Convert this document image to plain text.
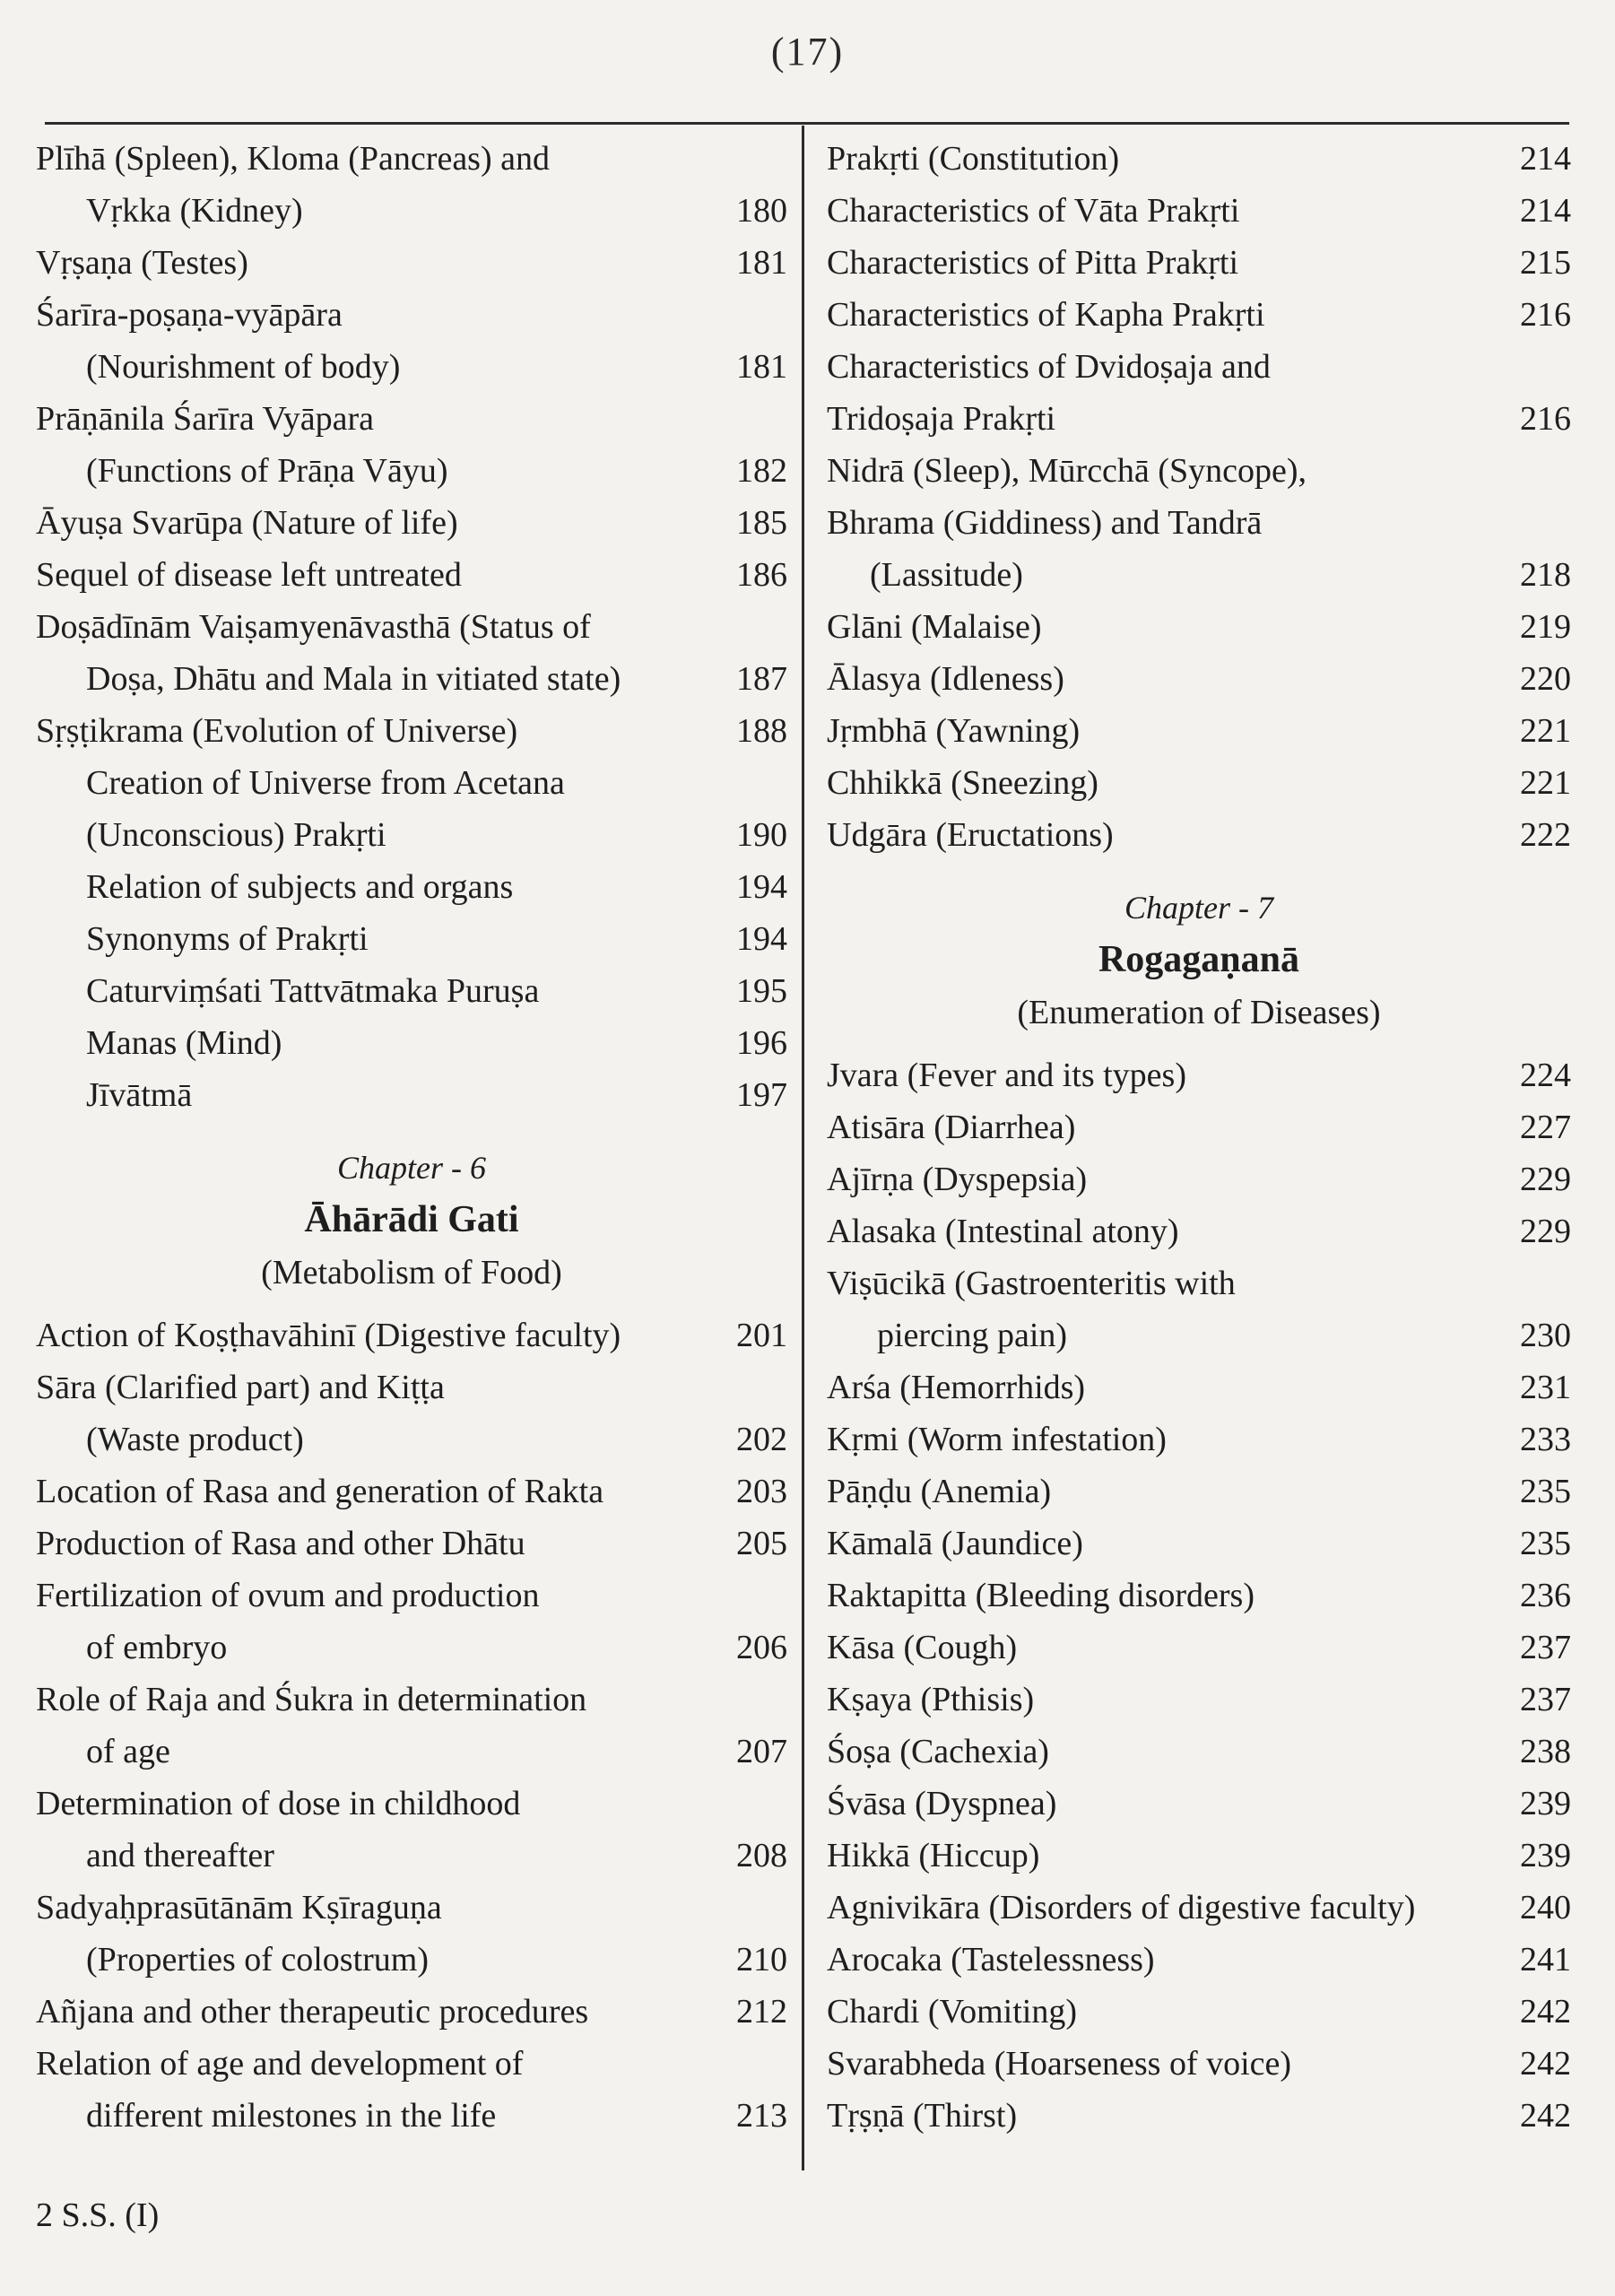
(17)
Plīhā (Spleen), Kloma (Pancreas) and
Vṛkka (Kidney)	180
Vṛṣaṇa (Testes)	181
Śarīra-poṣaṇa-vyāpāra
(Nourishment of body)	181
Prāṇānila Śarīra Vyāpara
(Functions of Prāṇa Vāyu)	182
Āyuṣa Svarūpa (Nature of life)	185
Sequel of disease left untreated	186
Doṣādīnām Vaiṣamyenāvasthā (Status of
Doṣa, Dhātu and Mala in vitiated state)	187
Sṛṣṭikrama (Evolution of Universe)	188
Creation of Universe from Acetana
(Unconscious) Prakṛti	190
Relation of subjects and organs	194
Synonyms of Prakṛti	194
Caturviṃśati Tattvātmaka Puruṣa	195
Manas (Mind)	196
Jīvātmā	197
Chapter - 6
Āhārādi Gati
(Metabolism of Food)
Action of Koṣṭhavāhinī (Digestive faculty)	201
Sāra (Clarified part) and Kiṭṭa
(Waste product)	202
Location of Rasa and generation of Rakta	203
Production of Rasa and other Dhātu	205
Fertilization of ovum and production
of embryo	206
Role of Raja and Śukra in determination
of age	207
Determination of dose in childhood
and thereafter	208
Sadyaḥprasūtānām Kṣīraguṇa
(Properties of colostrum)	210
Añjana and other therapeutic procedures	212
Relation of age and development of
different milestones in the life	213
Prakṛti (Constitution)	214
Characteristics of Vāta Prakṛti	214
Characteristics of Pitta Prakṛti	215
Characteristics of Kapha Prakṛti	216
Characteristics of Dvidoṣaja and
Tridoṣaja Prakṛti	216
Nidrā (Sleep), Mūrcchā (Syncope),
Bhrama (Giddiness) and Tandrā
(Lassitude)	218
Glāni (Malaise)	219
Ālasya (Idleness)	220
Jṛmbhā (Yawning)	221
Chhikkā (Sneezing)	221
Udgāra (Eructations)	222
Chapter - 7
Rogagaṇanā
(Enumeration of Diseases)
Jvara (Fever and its types)	224
Atisāra (Diarrhea)	227
Ajīrṇa (Dyspepsia)	229
Alasaka (Intestinal atony)	229
Viṣūcikā (Gastroenteritis with
piercing pain)	230
Arśa (Hemorrhids)	231
Kṛmi (Worm infestation)	233
Pāṇḍu (Anemia)	235
Kāmalā (Jaundice)	235
Raktapitta (Bleeding disorders)	236
Kāsa (Cough)	237
Kṣaya (Pthisis)	237
Śoṣa (Cachexia)	238
Śvāsa (Dyspnea)	239
Hikkā (Hiccup)	239
Agnivikāra (Disorders of digestive faculty)	240
Arocaka (Tastelessness)	241
Chardi (Vomiting)	242
Svarabheda (Hoarseness of voice)	242
Tṛṣṇā (Thirst)	242
2 S.S. (I)
